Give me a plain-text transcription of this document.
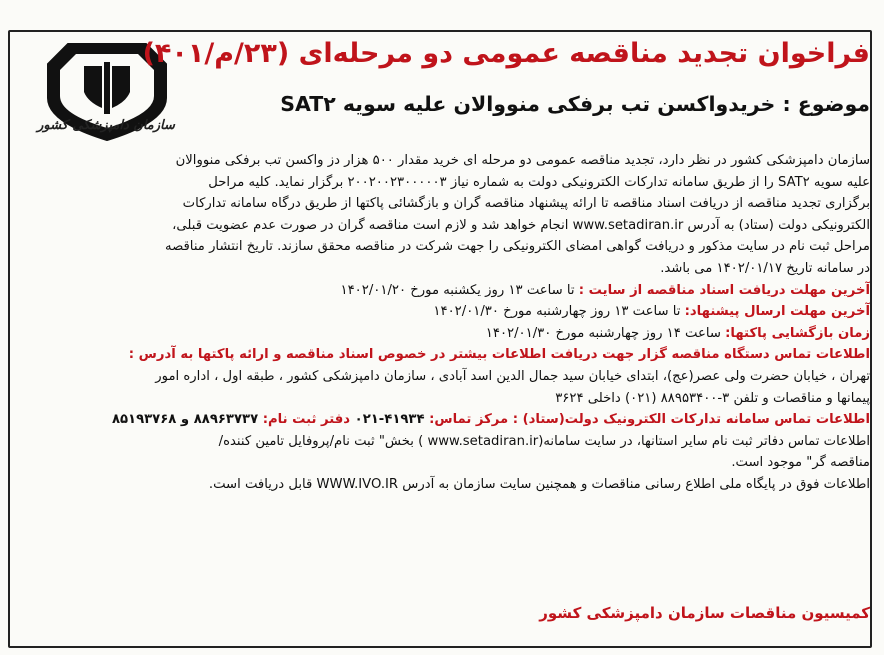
سازمان دامپزشکی کشور
فراخوان تجدید مناقصه عمومی دو مرحله‌ای (۲۳/م/۴۰۱)
موضوع : خریدواکسن تب برفکی منووالان علیه سویه SAT۲
سازمان دامپزشکی کشور در نظر دارد، تجدید مناقصه عمومی دو مرحله ای خرید مقدار ۵۰۰ هزار دز واکسن تب برفکی منووالان
علیه سویه SAT۲ را از طریق سامانه تدارکات الکترونیکی دولت به شماره نیاز ۲۰۰۲۰۰۲۳۰۰۰۰۰۳ برگزار نماید. کلیه مراحل
برگزاری تجدید مناقصه از دریافت اسناد مناقصه تا ارائه پیشنهاد مناقصه گران و بازگشائی پاکتها از طریق درگاه سامانه تدارکات
الکترونیکی دولت (ستاد) به آدرس www.setadiran.ir انجام خواهد شد و لازم است مناقصه گران در صورت عدم عضویت قبلی،
مراحل ثبت نام در سایت مذکور و دریافت گواهی امضای الکترونیکی را جهت شرکت در مناقصه محقق سازند. تاریخ انتشار مناقصه
در سامانه تاریخ ۱۴۰۲/۰۱/۱۷ می باشد.
آخرین مهلت دریافت اسناد مناقصه از سایت : تا ساعت ۱۳ روز یکشنبه مورخ ۱۴۰۲/۰۱/۲۰
آخرین مهلت ارسال پیشنهاد: تا ساعت ۱۳ روز چهارشنبه مورخ ۱۴۰۲/۰۱/۳۰
زمان بازگشایی پاکتها: ساعت ۱۴ روز چهارشنبه مورخ ۱۴۰۲/۰۱/۳۰
اطلاعات تماس دستگاه مناقصه گزار جهت دریافت اطلاعات بیشتر در خصوص اسناد مناقصه و ارائه پاکتها به آدرس :
تهران ، خیابان حضرت ولی عصر(عج)، ابتدای خیابان سید جمال الدین اسد آبادی ، سازمان دامپزشکی کشور ، طبقه اول ، اداره امور
پیمانها و مناقصات و تلفن ۳-۸۸۹۵۳۴۰۰ (۰۲۱) داخلی ۳۶۲۴
اطلاعات تماس سامانه تدارکات الکترونیک دولت(ستاد) : مرکز تماس: ۴۱۹۳۴-۰۲۱ دفتر ثبت نام: ۸۸۹۶۳۷۳۷ و ۸۵۱۹۳۷۶۸
اطلاعات تماس دفاتر ثبت نام سایر استانها، در سایت سامانه(www.setadiran.ir ) بخش" ثبت نام/پروفایل تامین کننده/
مناقصه گر" موجود است.
اطلاعات فوق در پایگاه ملی اطلاع رسانی مناقصات و همچنین سایت سازمان به آدرس WWW.IVO.IR قابل دریافت است.
کمیسیون مناقصات سازمان دامپزشکی کشور
